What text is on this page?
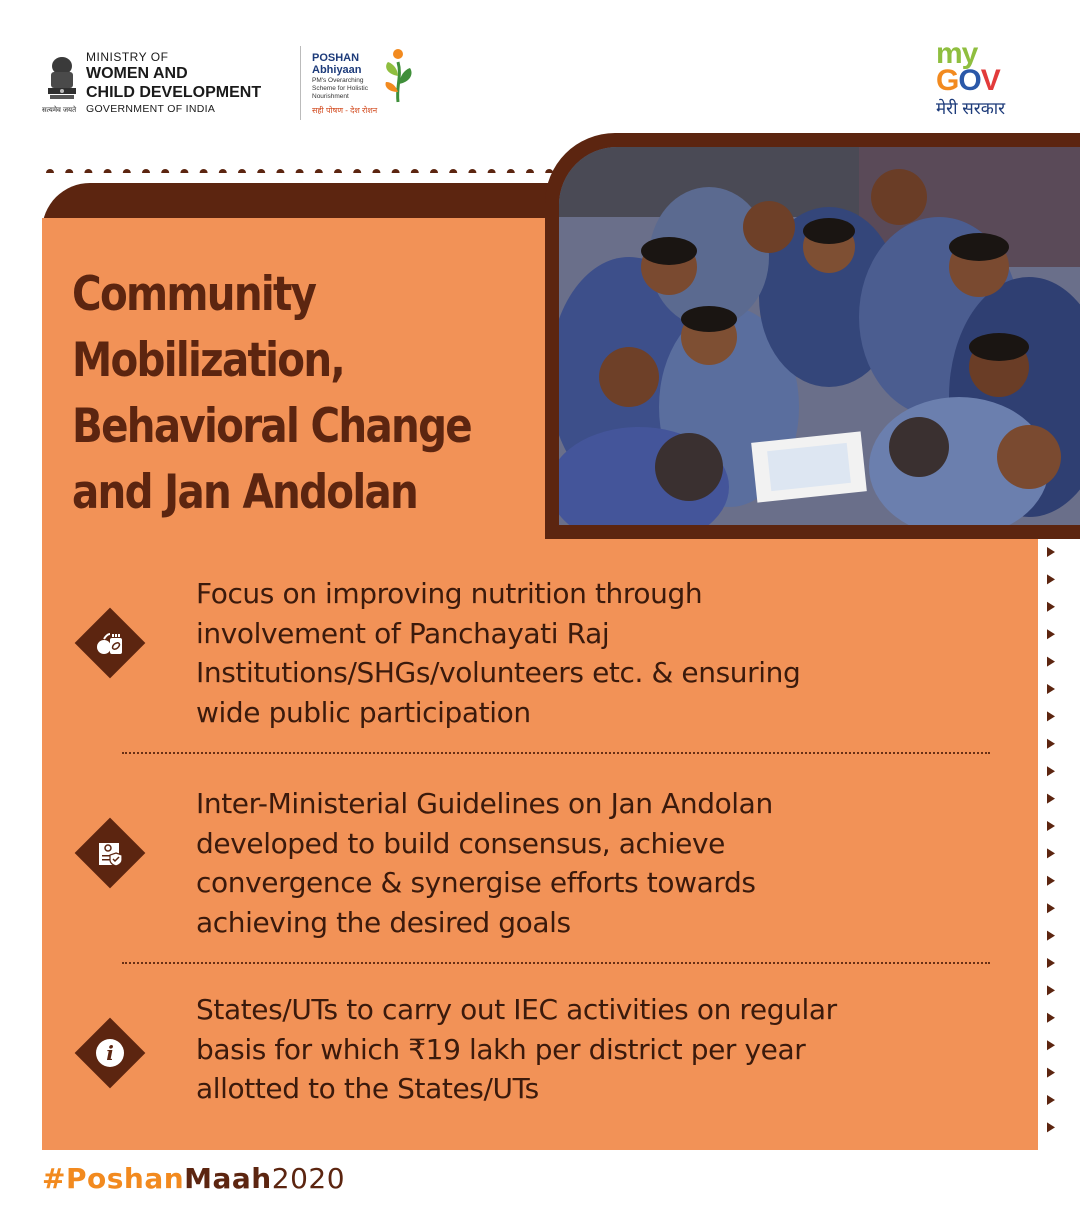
सत्यमेव जयते
MINISTRY OF
WOMEN AND
CHILD DEVELOPMENT
GOVERNMENT OF INDIA
POSHAN
Abhiyaan
PM's Overarching Scheme for Holistic Nourishment
सही पोषण - देश रोशन
my
GOV
मेरी सरकार
Community
Mobilization,
Behavioral Change
and Jan Andolan
Focus on improving nutrition through
involvement of Panchayati Raj
Institutions/SHGs/volunteers etc. & ensuring
wide public participation
Inter-Ministerial Guidelines on Jan Andolan
developed to build consensus, achieve
convergence & synergise efforts towards
achieving the desired goals
i
States/UTs to carry out IEC activities on regular
basis for which ₹19 lakh per district per year
allotted to the States/UTs
#PoshanMaah2020
